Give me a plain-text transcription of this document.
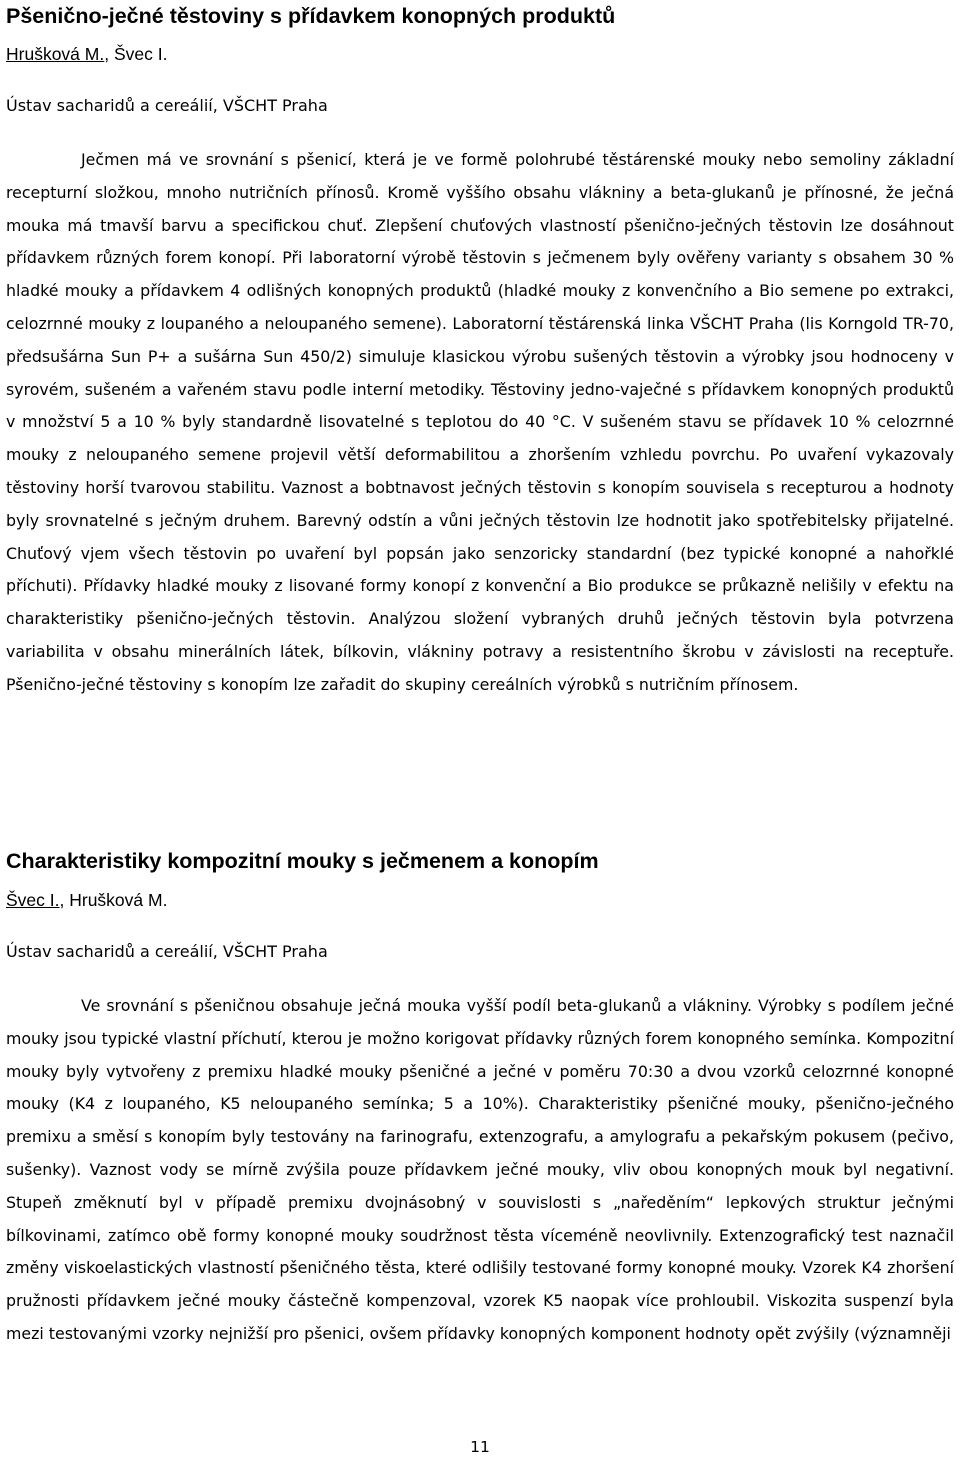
Pšeničnо-ječné těstoviny s přídavkem konopných produktů
Hrušková M., Švec I.
Ústav sacharidů a cereálií, VŠCHT Praha

Ječmen má ve srovnání s pšenicí, která je ve formě polohrubé těstárenské mouky nebo semoliny základní recepturní složkou, mnoho nutričních přínosů. Kromě vyššího obsahu vlákniny a beta-glukanů je přínosné, že ječná mouka má tmavší barvu a specifickou chuť. Zlepšení chuťových vlastností pšeničnо-ječných těstovin lze dosáhnout přídavkem různých forem konopí. Při laboratorní výrobě těstovin s ječmenem byly ověřeny varianty s obsahem 30 % hladké mouky a přídavkem 4 odlišných konopných produktů (hladké mouky z konvenčního a Bio semene po extrakci, celozrnné mouky z loupaného a neloupaného semene). Laboratorní těstárenská linka VŠCHT Praha (lis Korngold TR-70, předsušárna Sun P+ a sušárna Sun 450/2) simuluje klasickou výrobu sušených těstovin a výrobky jsou hodnoceny v syrovém, sušeném a vařeném stavu podle interní metodiky. Těstoviny jedno-vaječné s přídavkem konopných produktů v množství 5 a 10 % byly standardně lisovatelné s teplotou do 40 °C. V sušeném stavu se přídavek 10 % celozrnné mouky z neloupaného semene projevil větší deformabilitou a zhoršením vzhledu povrchu. Po uvaření vykazovaly těstoviny horší tvarovou stabilitu. Vaznost a bobtnavost ječných těstovin s konopím souvisela s recepturou a hodnoty byly srovnatelné s ječným druhem. Barevný odstín a vůni ječných těstovin lze hodnotit jako spotřebitelsky přijatelné. Chuťový vjem všech těstovin po uvaření byl popsán jako senzoricky standardní (bez typické konopné a nahořklé příchuti). Přídavky hladké mouky z lisované formy konopí z konvenční a Bio produkce se průkazně nelišily v efektu na charakteristiky pšeničnо-ječných těstovin. Analýzou složení vybraných druhů ječných těstovin byla potvrzena variabilita v obsahu minerálních látek, bílkovin, vlákniny potravy a resistentního škrobu v závislosti na receptuře. Pšeničnо-ječné těstoviny s konopím lze zařadit do skupiny cereálních výrobků s nutričním přínosem.

Charakteristiky kompozitní mouky s ječmenem a konopím
Švec I., Hrušková M.
Ústav sacharidů a cereálií, VŠCHT Praha

Ve srovnání s pšeničnou obsahuje ječná mouka vyšší podíl beta-glukanů a vlákniny. Výrobky s podílem ječné mouky jsou typické vlastní příchutí, kterou je možno korigovat přídavky různých forem konopného semínka. Kompozitní mouky byly vytvořeny z premixu hladké mouky pšeničné a ječné v poměru 70:30 a dvou vzorků celozrnné konopné mouky (K4 z loupaného, K5 neloupaného semínka; 5 a 10%). Charakteristiky pšeničné mouky, pšeničnо-ječného premixu a směsí s konopím byly testovány na farinografu, extenzografu, a amylografu a pekařským pokusem (pečivo, sušenky). Vaznost vody se mírně zvýšila pouze přídavkem ječné mouky, vliv obou konopných mouk byl negativní. Stupeň změknutí byl v případě premixu dvojnásobný v souvislosti s „naředěním“ lepkových struktur ječnými bílkovinami, zatímco obě formy konopné mouky soudržnost těsta víceméně neovlivnily. Extenzografický test naznačil změny viskoelastických vlastností pšeničného těsta, které odlišily testované formy konopné mouky. Vzorek K4 zhoršení pružnosti přídavkem ječné mouky částečně kompenzoval, vzorek K5 naopak více prohloubil. Viskozita suspenzí byla mezi testovanými vzorky nejnižší pro pšenici, ovšem přídavky konopných komponent hodnoty opět zvýšily (významněji

11
